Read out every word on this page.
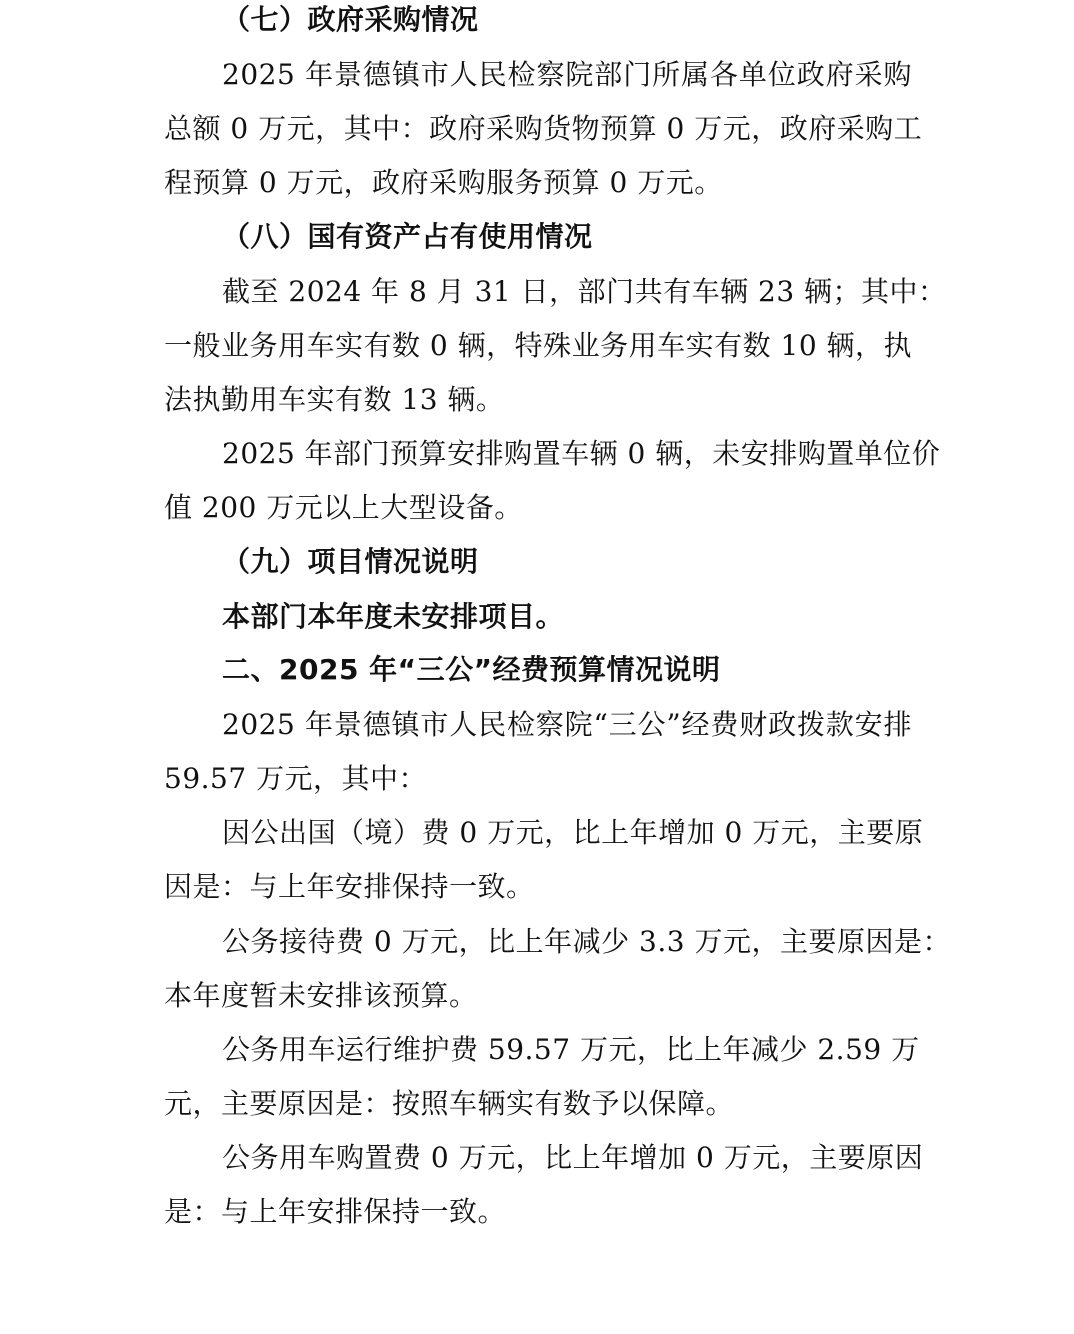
（七）政府采购情况
2025 年景德镇市人民检察院部门所属各单位政府采购
总额 0 万元，其中：政府采购货物预算 0 万元，政府采购工
程预算 0 万元，政府采购服务预算 0 万元。
（八）国有资产占有使用情况
截至 2024 年 8 月 31 日，部门共有车辆 23 辆；其中：
一般业务用车实有数 0 辆，特殊业务用车实有数 10 辆，执
法执勤用车实有数 13 辆。
2025 年部门预算安排购置车辆 0 辆，未安排购置单位价
值 200 万元以上大型设备。
（九）项目情况说明
本部门本年度未安排项目。
二、2025 年“三公”经费预算情况说明
2025 年景德镇市人民检察院“三公”经费财政拨款安排
59.57 万元，其中：
因公出国（境）费 0 万元，比上年增加 0 万元，主要原
因是：与上年安排保持一致。
公务接待费 0 万元，比上年减少 3.3 万元，主要原因是：
本年度暂未安排该预算。
公务用车运行维护费 59.57 万元，比上年减少 2.59 万
元，主要原因是：按照车辆实有数予以保障。
公务用车购置费 0 万元，比上年增加 0 万元，主要原因
是：与上年安排保持一致。
